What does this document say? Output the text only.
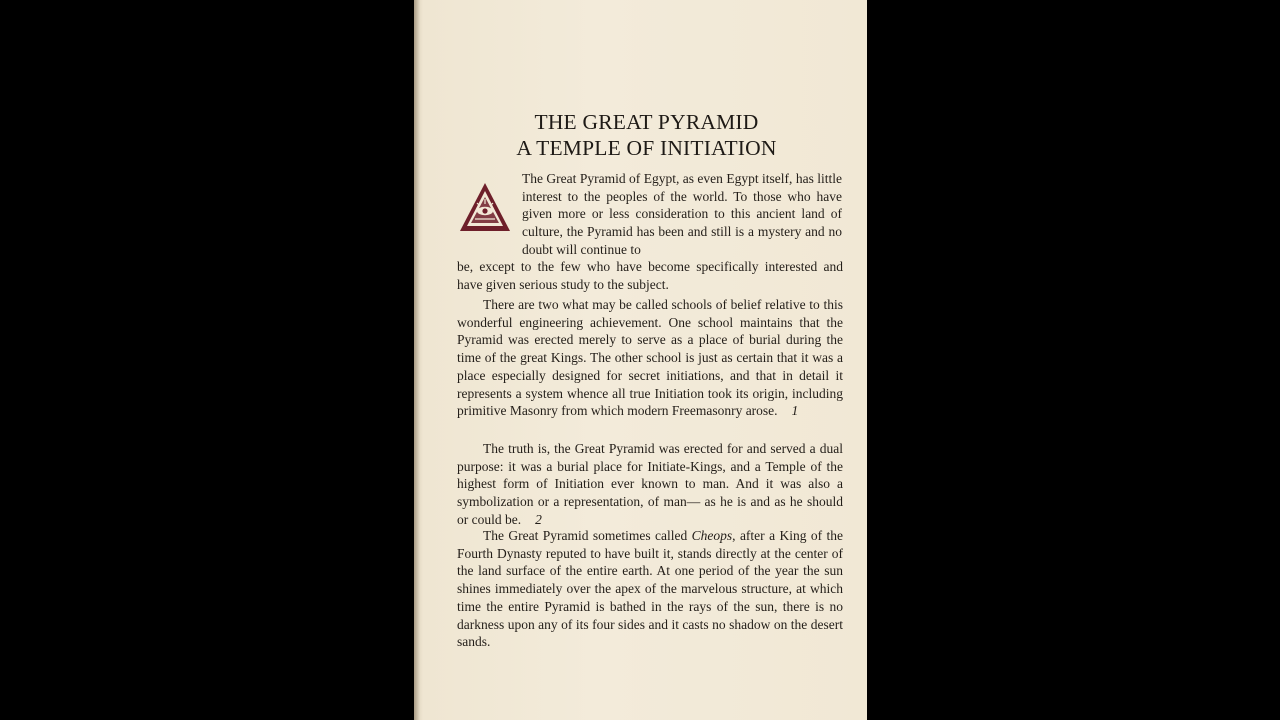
THE GREAT PYRAMID
A TEMPLE OF INITIATION
The Great Pyramid of Egypt, as even Egypt itself, has little interest to the peoples of the world. To those who have given more or less consideration to this ancient land of culture, the Pyramid has been and still is a mystery and no doubt will continue to
be, except to the few who have become specifically interested and have given serious study to the subject.
There are two what may be called schools of belief relative to this wonderful engineering achievement. One school maintains that the Pyramid was erected merely to serve as a place of burial during the time of the great Kings. The other school is just as certain that it was a place especially designed for secret initiations, and that in detail it represents a system whence all true Initiation took its origin, including primitive Masonry from which modern Freemasonry arose. 1
The truth is, the Great Pyramid was erected for and served a dual purpose: it was a burial place for Initiate-Kings, and a Temple of the highest form of Initiation ever known to man. And it was also a symbolization or a representation, of man— as he is and as he should or could be. 2
The Great Pyramid sometimes called Cheops, after a King of the Fourth Dynasty reputed to have built it, stands directly at the center of the land surface of the entire earth. At one period of the year the sun shines immediately over the apex of the marvelous structure, at which time the entire Pyramid is bathed in the rays of the sun, there is no darkness upon any of its four sides and it casts no shadow on the desert sands.
